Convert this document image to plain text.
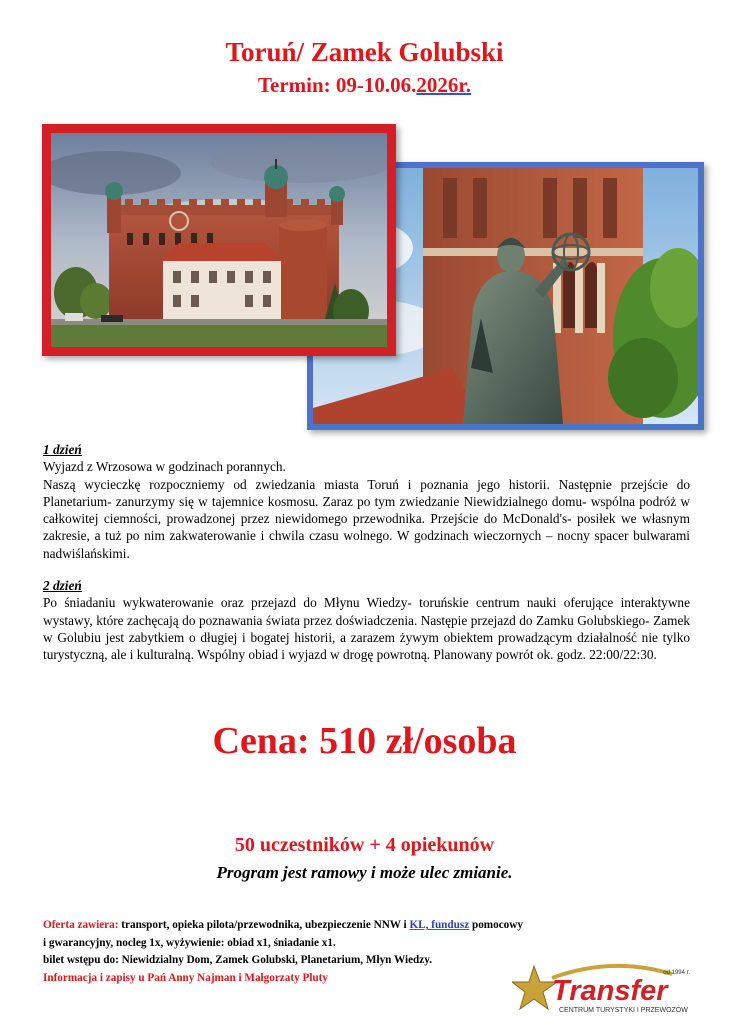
Toruń/ Zamek Golubski
Termin: 09-10.06.2026r.
1 dzień

Wyjazd z Wrzosowa w godzinach porannych.

Naszą wycieczkę rozpoczniemy od zwiedzania miasta Toruń i poznania jego historii. Następnie przejście do Planetarium- zanurzymy się w tajemnice kosmosu. Zaraz po tym zwiedzanie Niewidzialnego domu- wspólna podróż w całkowitej ciemności, prowadzonej przez niewidomego przewodnika. Przejście do McDonald's- posiłek we własnym zakresie, a tuż po nim zakwaterowanie i chwila czasu wolnego. W godzinach wieczornych – nocny spacer bulwarami nadwiślańskimi.

2 dzień

Po śniadaniu wykwaterowanie oraz przejazd do Młynu Wiedzy- toruńskie centrum nauki oferujące interaktywne wystawy, które zachęcają do poznawania świata przez doświadczenia. Następie przejazd do Zamku Golubskiego- Zamek w Golubiu jest zabytkiem o długiej i bogatej historii, a zarazem żywym obiektem prowadzącym działalność nie tylko turystyczną, ale i kulturalną. Wspólny obiad i wyjazd w drogę powrotną. Planowany powrót ok. godz. 22:00/22:30.

Cena: 510 zł/osoba
50 uczestników + 4 opiekunów
Program jest ramowy i może ulec zmianie.
Oferta zawiera: transport, opieka pilota/przewodnika, ubezpieczenie NNW i KL, fundusz pomocowy
i gwarancyjny, nocleg 1x, wyżywienie: obiad x1, śniadanie x1.
bilet wstępu do: Niewidzialny Dom, Zamek Golubski, Planetarium, Młyn Wiedzy.
Informacja i zapisy u Pań Anny Najman i Małgorzaty Pluty	od 1994 r.
Transfer
CENTRUM TURYSTYKI I PRZEWOZÓW
